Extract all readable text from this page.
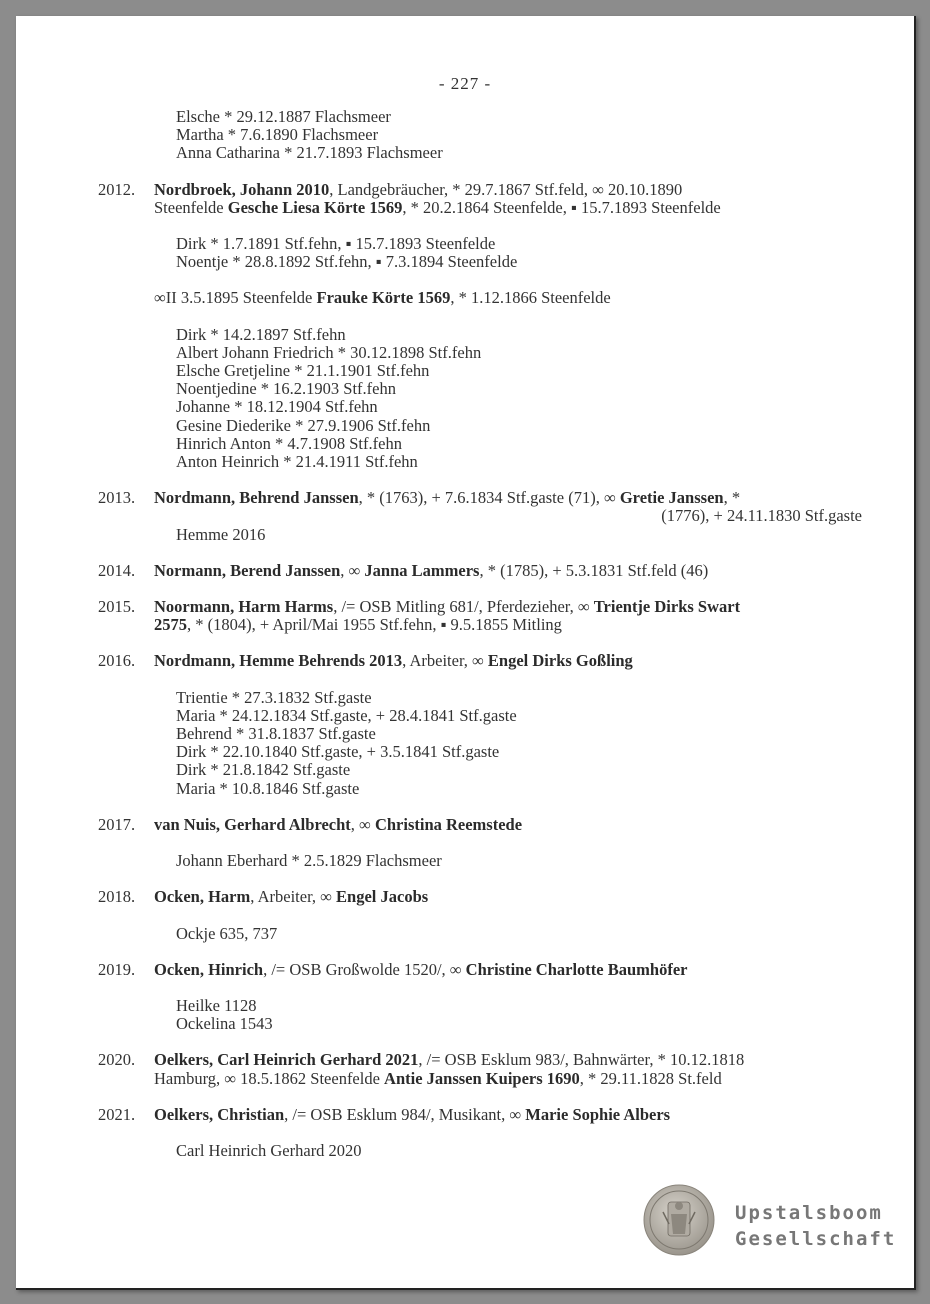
- 227 -
Elsche * 29.12.1887 Flachsmeer
Martha * 7.6.1890 Flachsmeer
Anna Catharina * 21.7.1893 Flachsmeer
2012. Nordbroek, Johann 2010, Landgebräucher, * 29.7.1867 Stf.feld, ∞ 20.10.1890
Steenfelde Gesche Liesa Körte 1569, * 20.2.1864 Steenfelde, ▪ 15.7.1893 Steenfelde
Dirk * 1.7.1891 Stf.fehn, ▪ 15.7.1893 Steenfelde
Noentje * 28.8.1892 Stf.fehn, ▪ 7.3.1894 Steenfelde
∞II 3.5.1895 Steenfelde Frauke Körte 1569, * 1.12.1866 Steenfelde
Dirk * 14.2.1897 Stf.fehn
Albert Johann Friedrich * 30.12.1898 Stf.fehn
Elsche Gretjeline * 21.1.1901 Stf.fehn
Noentjedine * 16.2.1903 Stf.fehn
Johanne * 18.12.1904 Stf.fehn
Gesine Diederike * 27.9.1906 Stf.fehn
Hinrich Anton * 4.7.1908 Stf.fehn
Anton Heinrich * 21.4.1911 Stf.fehn
2013. Nordmann, Behrend Janssen, * (1763), + 7.6.1834 Stf.gaste (71), ∞ Gretie Janssen, *
(1776), + 24.11.1830 Stf.gaste
Hemme 2016
2014. Normann, Berend Janssen, ∞ Janna Lammers, * (1785), + 5.3.1831 Stf.feld (46)
2015. Noormann, Harm Harms, /= OSB Mitling 681/, Pferdezieher, ∞ Trientje Dirks Swart
2575, * (1804), + April/Mai 1955 Stf.fehn, ▪ 9.5.1855 Mitling
2016. Nordmann, Hemme Behrends 2013, Arbeiter, ∞ Engel Dirks Goßling
Trientie * 27.3.1832 Stf.gaste
Maria * 24.12.1834 Stf.gaste, + 28.4.1841 Stf.gaste
Behrend * 31.8.1837 Stf.gaste
Dirk * 22.10.1840 Stf.gaste, + 3.5.1841 Stf.gaste
Dirk * 21.8.1842 Stf.gaste
Maria * 10.8.1846 Stf.gaste
2017. van Nuis, Gerhard Albrecht, ∞ Christina Reemstede
Johann Eberhard * 2.5.1829 Flachsmeer
2018. Ocken, Harm, Arbeiter, ∞ Engel Jacobs
Ockje 635, 737
2019. Ocken, Hinrich, /= OSB Großwolde 1520/, ∞ Christine Charlotte Baumhöfer
Heilke 1128
Ockelina 1543
2020. Oelkers, Carl Heinrich Gerhard 2021, /= OSB Esklum 983/, Bahnwärter, * 10.12.1818
Hamburg, ∞ 18.5.1862 Steenfelde Antie Janssen Kuipers 1690, * 29.11.1828 St.feld
2021. Oelkers, Christian, /= OSB Esklum 984/, Musikant, ∞ Marie Sophie Albers
Carl Heinrich Gerhard 2020
Upstalsboom
Gesellschaft
